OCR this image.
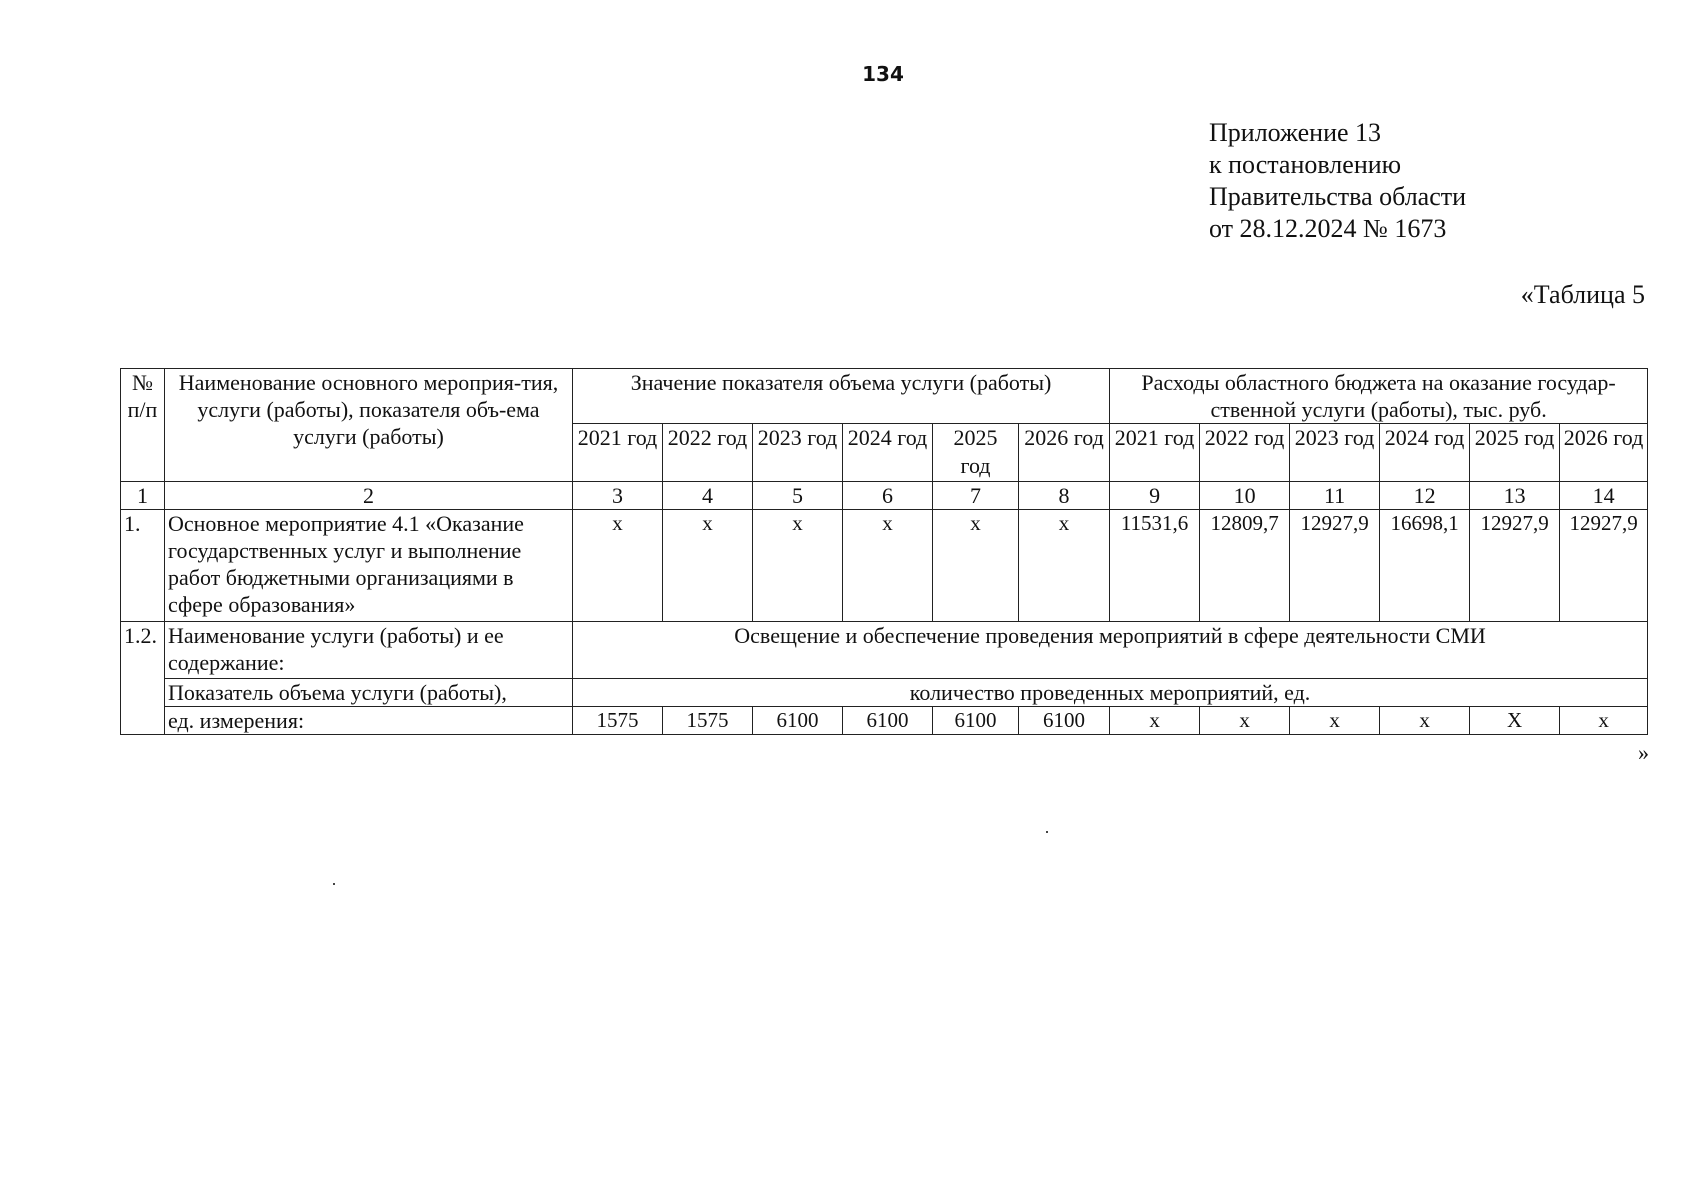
134
Приложение 13
к постановлению
Правительства области
от 28.12.2024 № 1673
«Таблица 5
№ п/п	Наименование основного мероприя-тия, услуги (работы), показателя объ-ема услуги (работы)	Значение показателя объема услуги (работы)						Расходы областного бюджета на оказание государ-ственной услуги (работы), тыс. руб.					
		2021 год	2022 год	2023 год	2024 год	2025 год	2026 год	2021 год	2022 год	2023 год	2024 год	2025 год	2026 год
1	2	3	4	5	6	7	8	9	10	11	12	13	14
1.	Основное мероприятие 4.1 «Оказание государственных услуг и выполнение работ бюджетными организациями в сфере образования»	х	х	х	х	х	х	11531,6	12809,7	12927,9	16698,1	12927,9	12927,9
1.2.	Наименование услуги (работы) и ее содержание:	Освещение и обеспечение проведения мероприятий в сфере деятельности СМИ											
	Показатель объема услуги (работы),	количество проведенных мероприятий, ед.											
	ед. измерения:	1575	1575	6100	6100	6100	6100	х	х	х	х	Х	х
»
